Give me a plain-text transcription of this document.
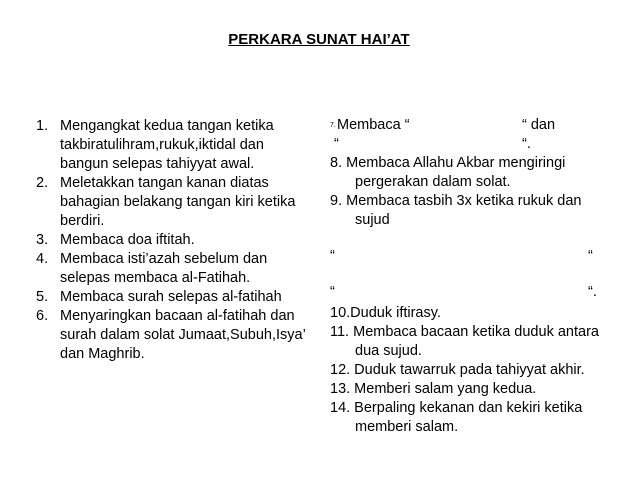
PERKARA SUNAT HAI’AT
1. Mengangkat kedua tangan ketika takbiratulihram,rukuk,iktidal dan bangun selepas tahiyyat awal.
2. Meletakkan tangan kanan diatas bahagian belakang tangan kiri ketika berdiri.
3. Membaca doa iftitah.
4. Membaca isti’azah sebelum dan selepas membaca al-Fatihah.
5. Membaca surah selepas al-fatihah
6. Menyaringkan bacaan al-fatihah dan surah dalam solat Jumaat,Subuh,Isya’ dan Maghrib.
7. Membaca “	“ dan
“	“.
8. Membaca Allahu Akbar mengiringi pergerakan dalam solat.
9. Membaca tasbih 3x ketika rukuk dan sujud
“	“
“	“.
10.Duduk iftirasy.
11. Membaca bacaan ketika duduk antara dua sujud.
12. Duduk tawarruk pada tahiyyat akhir.
13. Memberi salam yang kedua.
14. Berpaling kekanan dan kekiri ketika memberi salam.
